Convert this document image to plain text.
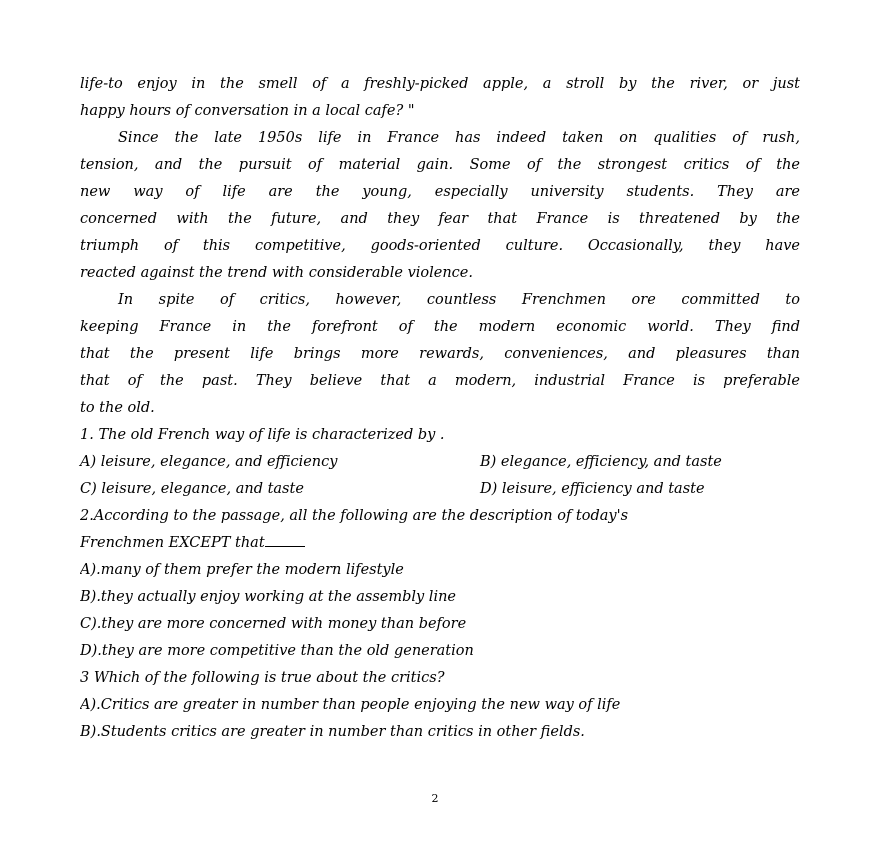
life-to enjoy in the smell of a freshly-picked apple, a stroll by the river, or just
happy hours of conversation in a local cafe? "
Since the late 1950s life in France has indeed taken on qualities of rush,
tension, and the pursuit of material gain. Some of the strongest critics of the
new way of life are the young, especially university students. They are
concerned with the future, and they fear that France is threatened by the
triumph of this competitive, goods-oriented culture. Occasionally, they have
reacted against the trend with considerable violence.
In spite of critics, however, countless Frenchmen ore committed to
keeping France in the forefront of the modern economic world. They find
that the present life brings more rewards, conveniences, and pleasures than
that of the past. They believe that a modern, industrial France is preferable
to the old.
1. The old French way of life is characterized by .
A) leisure, elegance, and efficiency	B) elegance, efficiency, and taste
C) leisure, elegance, and taste	D) leisure, efficiency and taste
2.According to the passage, all the following are the description of today's
Frenchmen EXCEPT that
A).many of them prefer the modern lifestyle
B).they actually enjoy working at the assembly line
C).they are more concerned with money than before
D).they are more competitive than the old generation
3 Which of the following is true about the critics?
A).Critics are greater in number than people enjoying the new way of life
B).Students critics are greater in number than critics in other fields.
2
